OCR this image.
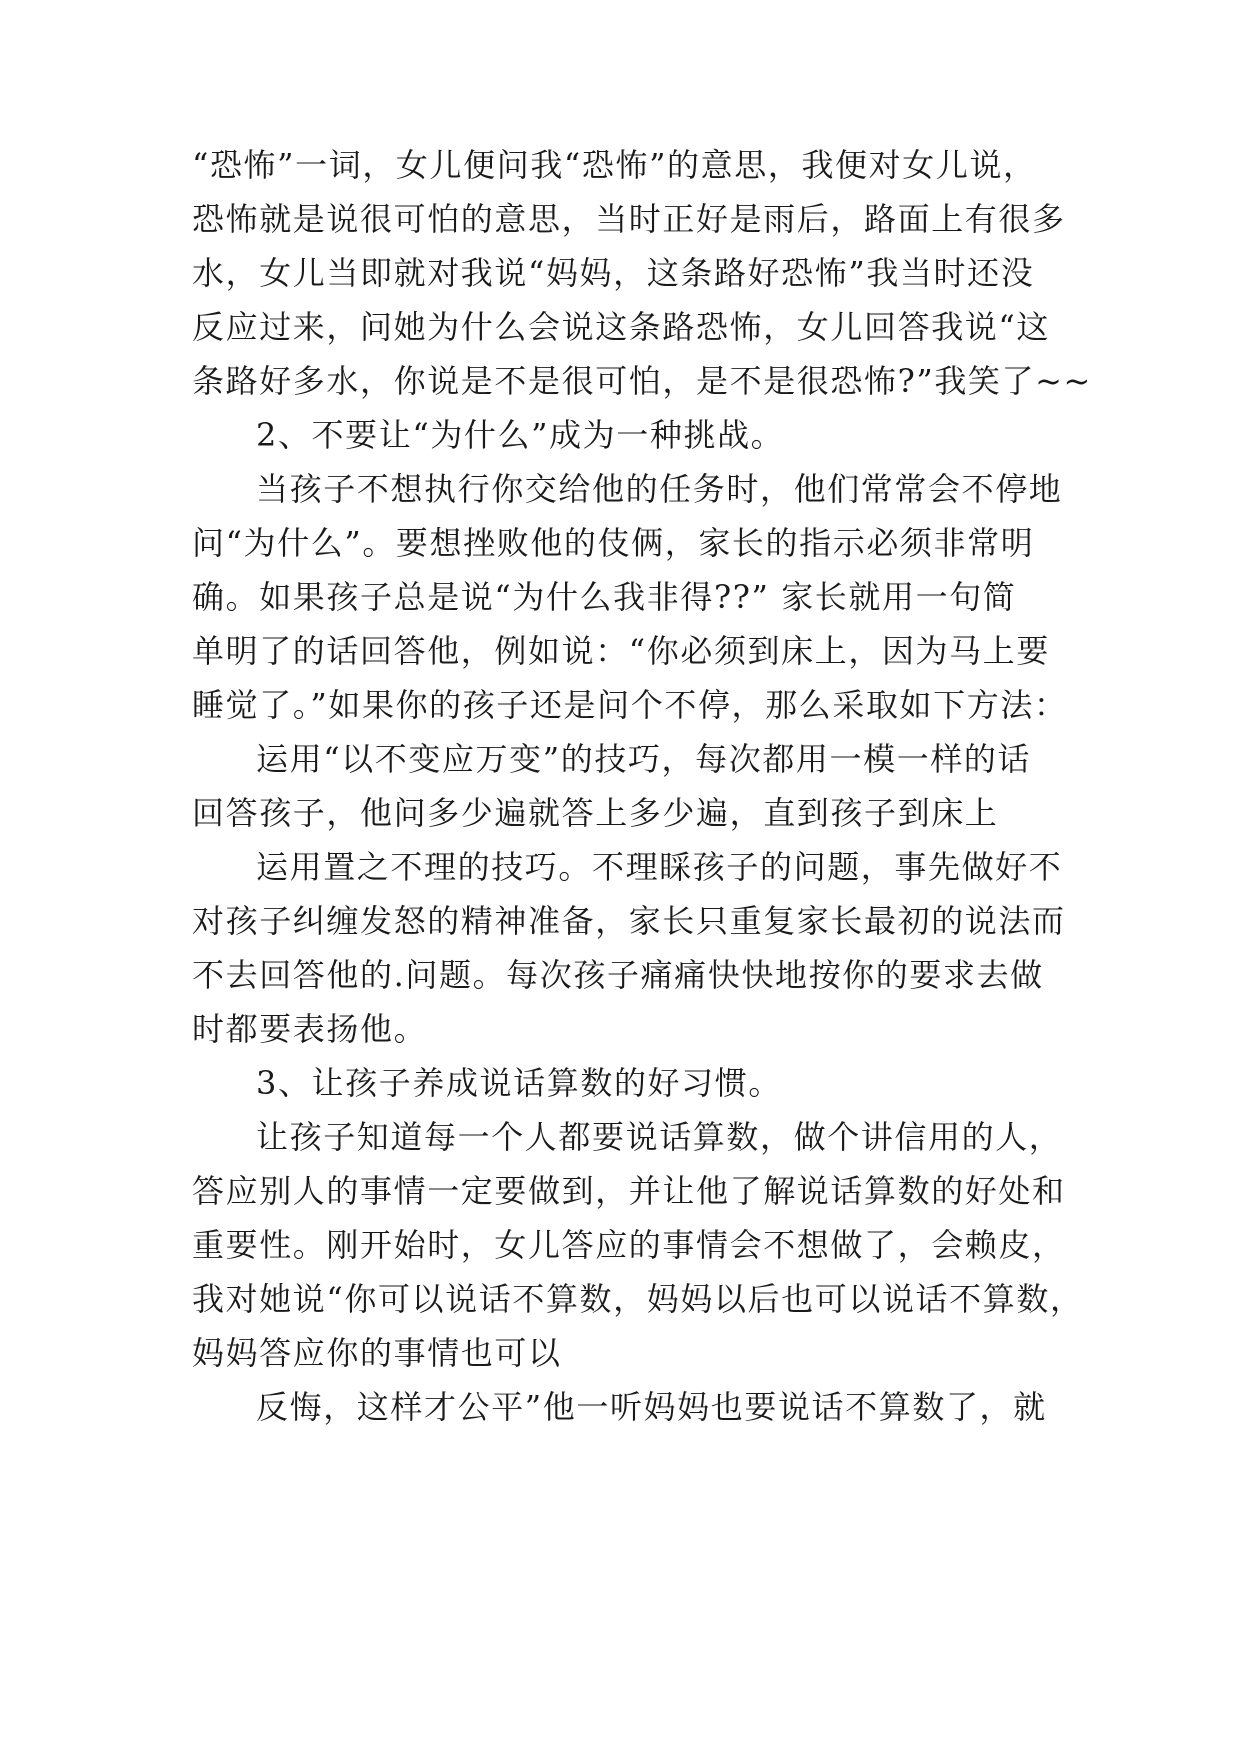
“恐怖”一词，女儿便问我“恐怖”的意思，我便对女儿说，
恐怖就是说很可怕的意思，当时正好是雨后，路面上有很多
水，女儿当即就对我说“妈妈，这条路好恐怖”我当时还没
反应过来，问她为什么会说这条路恐怖，女儿回答我说“这
条路好多水，你说是不是很可怕，是不是很恐怖?”我笑了~~
2、不要让“为什么”成为一种挑战。
当孩子不想执行你交给他的任务时，他们常常会不停地
问“为什么”。要想挫败他的伎俩，家长的指示必须非常明
确。如果孩子总是说“为什么我非得??” 家长就用一句简
单明了的话回答他，例如说：“你必须到床上，因为马上要
睡觉了。”如果你的孩子还是问个不停，那么采取如下方法：
运用“以不变应万变”的技巧，每次都用一模一样的话
回答孩子，他问多少遍就答上多少遍，直到孩子到床上
运用置之不理的技巧。不理睬孩子的问题，事先做好不
对孩子纠缠发怒的精神准备，家长只重复家长最初的说法而
不去回答他的.问题。每次孩子痛痛快快地按你的要求去做
时都要表扬他。
3、让孩子养成说话算数的好习惯。
让孩子知道每一个人都要说话算数，做个讲信用的人，
答应别人的事情一定要做到，并让他了解说话算数的好处和
重要性。刚开始时，女儿答应的事情会不想做了，会赖皮，
我对她说“你可以说话不算数，妈妈以后也可以说话不算数，
妈妈答应你的事情也可以
反悔，这样才公平”他一听妈妈也要说话不算数了，就
